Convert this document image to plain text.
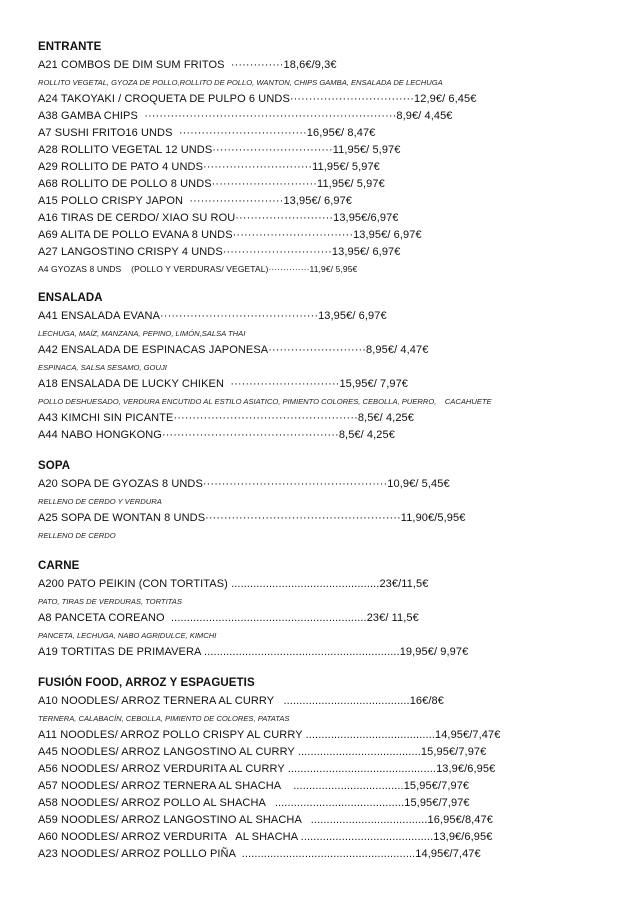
ENTRANTE
A21 COMBOS DE DIM SUM FRITOS  ··············18,6€/9,3€
ROLLITO VEGETAL, GYOZA DE POLLO,ROLLITO DE POLLO, WANTON, CHIPS GAMBA, ENSALADA DE LECHUGA
A24 TAKOYAKI / CROQUETA DE PULPO 6 UNDS·································12,9€/ 6,45€
A38 GAMBA CHIPS  ···································································8,9€/ 4,45€
A7 SUSHI FRITO16 UNDS  ··································16,95€/ 8,47€
A28 ROLLITO VEGETAL 12 UNDS································11,95€/ 5,97€
A29 ROLLITO DE PATO 4 UNDS·····························11,95€/ 5,97€
A68 ROLLITO DE POLLO 8 UNDS····························11,95€/ 5,97€
A15 POLLO CRISPY JAPON  ·························13,95€/ 6,97€
A16 TIRAS DE CERDO/ XIAO SU ROU··························13,95€/6,97€
A69 ALITA DE POLLO EVANA 8 UNDS································13,95€/ 6,97€
A27 LANGOSTINO CRISPY 4 UNDS·····························13,95€/ 6,97€
A4 GYOZAS 8 UNDS    (POLLO Y VERDURAS/ VEGETAL)··············11,9€/ 5,95€
ENSALADA
A41 ENSALADA EVANA··········································13,95€/ 6,97€
LECHUGA, MAÍZ, MANZANA, PEPINO, LIMÓN,SALSA THAI
A42 ENSALADA DE ESPINACAS JAPONESA··························8,95€/ 4,47€
ESPINACA, SALSA SESAMO, GOUJI
A18 ENSALADA DE LUCKY CHIKEN  ·····························15,95€/ 7,97€
POLLO DESHUESADO, VERDURA ENCUTIDO AL ESTILO ASIATICO, PIMIENTO COLORES, CEBOLLA, PUERRO,    CACAHUETE
A43 KIMCHI SIN PICANTE·················································8,5€/ 4,25€
A44 NABO HONGKONG···············································8,5€/ 4,25€
SOPA
A20 SOPA DE GYOZAS 8 UNDS·················································10,9€/ 5,45€
RELLENO DE CERDO Y VERDURA
A25 SOPA DE WONTAN 8 UNDS····················································11,90€/5,95€
RELLENO DE CERDO
CARNE
A200 PATO PEIKIN (CON TORTITAS) ...............................................23€/11,5€
PATO, TIRAS DE VERDURAS, TORTITAS
A8 PANCETA COREANO  ..............................................................23€/ 11,5€
PANCETA, LECHUGA, NABO AGRIDULCE, KIMCHI
A19 TORTITAS DE PRIMAVERA ..............................................................19,95€/ 9,97€
FUSIÓN FOOD, ARROZ Y ESPAGUETIS
A10 NOODLES/ ARROZ TERNERA AL CURRY   ........................................16€/8€
TERNERA, CALABACÍN, CEBOLLA, PIMIENTO DE COLORES, PATATAS
A11 NOODLES/ ARROZ POLLO CRISPY AL CURRY .........................................14,95€/7,47€
A45 NOODLES/ ARROZ LANGOSTINO AL CURRY .......................................15,95€/7,97€
A56 NOODLES/ ARROZ VERDURITA AL CURRY ...............................................13,9€/6,95€
A57 NOODLES/ ARROZ TERNERA AL SHACHA    ...................................15,95€/7,97€
A58 NOODLES/ ARROZ POLLO AL SHACHA   .........................................15,95€/7,97€
A59 NOODLES/ ARROZ LANGOSTINO AL SHACHA   .....................................16,95€/8,47€
A60 NOODLES/ ARROZ VERDURITA   AL SHACHA ..........................................13,9€/6,95€
A23 NOODLES/ ARROZ POLLLO PIÑA  .......................................................14,95€/7,47€
